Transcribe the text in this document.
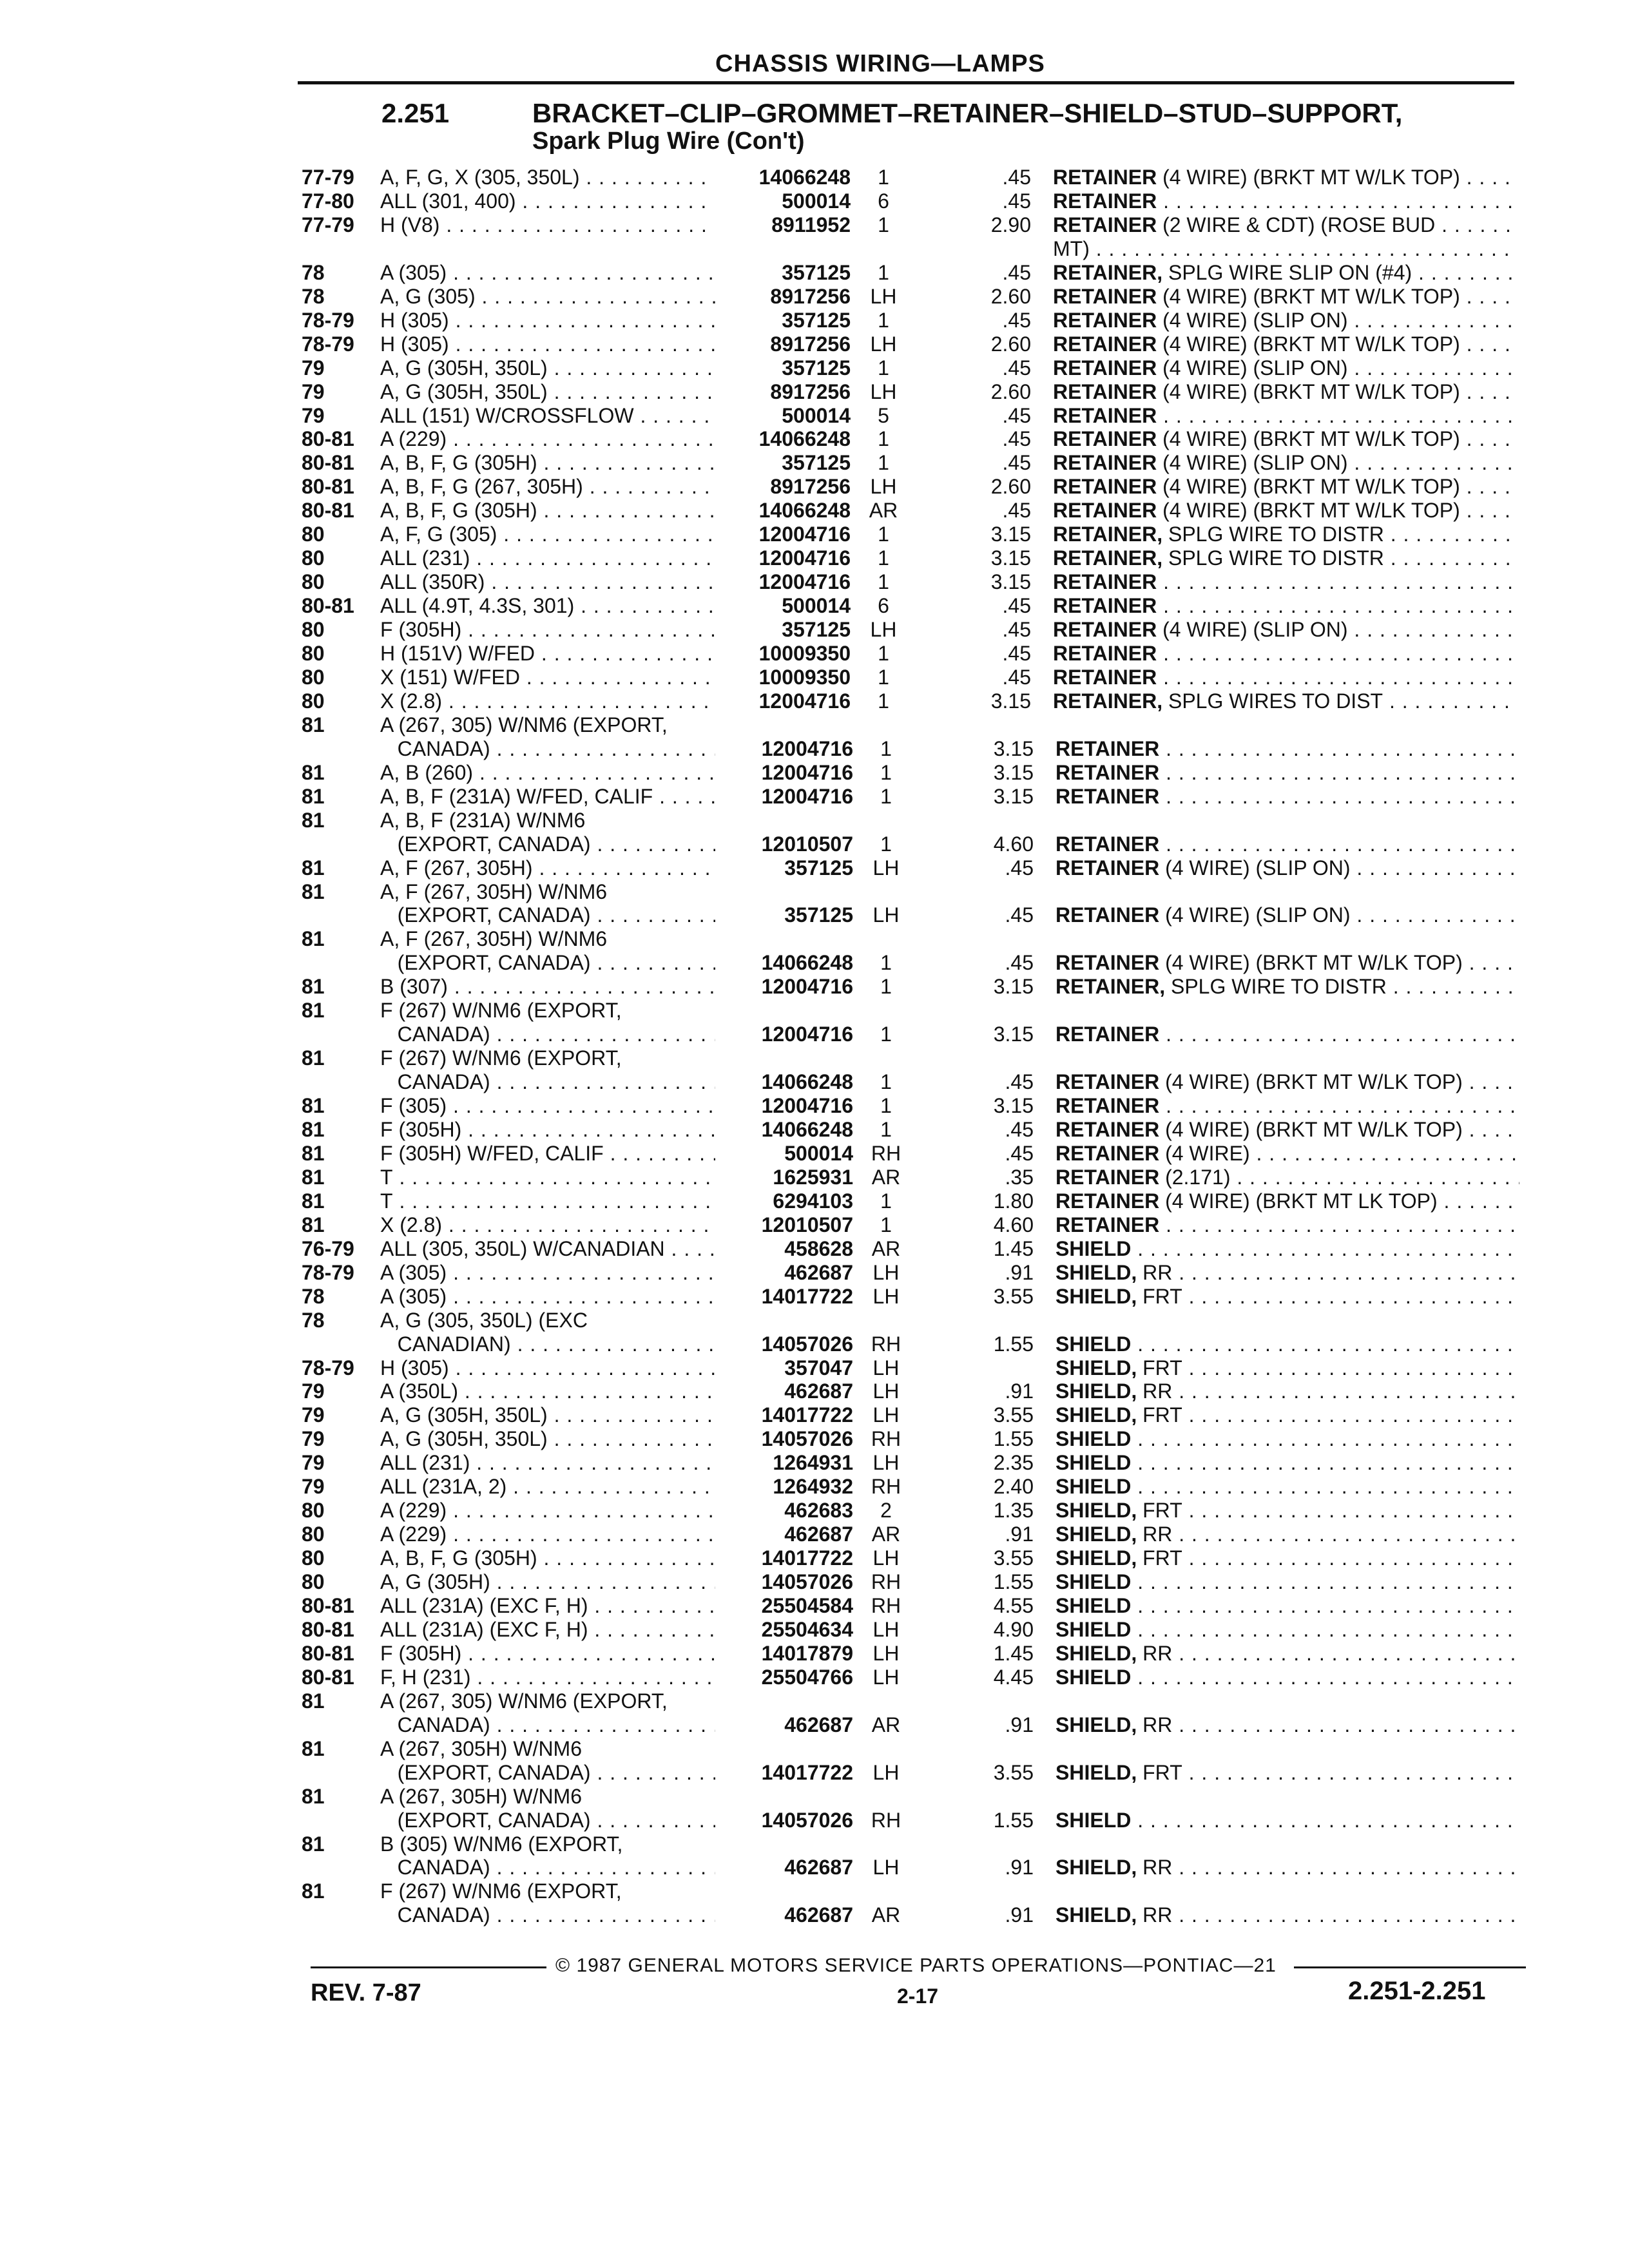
CHASSIS WIRING—LAMPS
2.251	BRACKET–CLIP–GROMMET–RETAINER–SHIELD–STUD–SUPPORT,
Spark Plug Wire (Con't)
77-79	A, F, G, X (305, 350L) . . .	14066248	1	.45 RETAINER (4 WIRE) (BRKT MT W/LK TOP) . . .
77-80	ALL (301, 400) . . .	500014	6	.45 RETAINER . . .
77-79	H (V8) . . .	8911952	1	2.90 RETAINER (2 WIRE & CDT) (ROSE BUD . . .
MT) . . .
78	A (305) . . .	357125	1	.45 RETAINER, SPLG WIRE SLIP ON (#4) . . .
78	A, G (305) . . .	8917256 LH	2.60 RETAINER (4 WIRE) (BRKT MT W/LK TOP) . . .
78-79	H (305) . . .	357125	1	.45 RETAINER (4 WIRE) (SLIP ON) . . .
78-79	H (305) . . .	8917256 LH	2.60 RETAINER (4 WIRE) (BRKT MT W/LK TOP) . . .
79	A, G (305H, 350L) . . .	357125	1	.45 RETAINER (4 WIRE) (SLIP ON) . . .
79	A, G (305H, 350L) . . .	8917256 LH	2.60 RETAINER (4 WIRE) (BRKT MT W/LK TOP) . . .
79	ALL (151) W/CROSSFLOW . . .	500014	5	.45 RETAINER . . .
80-81	A (229) . . .	14066248	1	.45 RETAINER (4 WIRE) (BRKT MT W/LK TOP) . . .
80-81	A, B, F, G (305H) . . .	357125	1	.45 RETAINER (4 WIRE) (SLIP ON) . . .
80-81	A, B, F, G (267, 305H) . . .	8917256 LH	2.60 RETAINER (4 WIRE) (BRKT MT W/LK TOP) . . .
80-81	A, B, F, G (305H) . . .	14066248 AR	.45 RETAINER (4 WIRE) (BRKT MT W/LK TOP) . . .
80	A, F, G (305) . . .	12004716	1	3.15 RETAINER, SPLG WIRE TO DISTR . . .
80	ALL (231) . . .	12004716	1	3.15 RETAINER, SPLG WIRE TO DISTR . . .
80	ALL (350R) . . .	12004716	1	3.15 RETAINER . . .
80-81	ALL (4.9T, 4.3S, 301) . . .	500014	6	.45 RETAINER . . .
80	F (305H) . . .	357125 LH	.45 RETAINER (4 WIRE) (SLIP ON) . . .
80	H (151V) W/FED . . .	10009350	1	.45 RETAINER . . .
80	X (151) W/FED . . .	10009350	1	.45 RETAINER . . .
80	X (2.8) . . .	12004716	1	3.15 RETAINER, SPLG WIRES TO DIST . . .
81	A (267, 305) W/NM6 (EXPORT,
CANADA) . . .	12004716	1	3.15 RETAINER . . .
81	A, B (260) . . .	12004716	1	3.15 RETAINER . . .
81	A, B, F (231A) W/FED, CALIF . . .	12004716	1	3.15 RETAINER . . .
81	A, B, F (231A) W/NM6
(EXPORT, CANADA) . . .	12010507	1	4.60 RETAINER . . .
81	A, F (267, 305H) . . .	357125 LH	.45 RETAINER (4 WIRE) (SLIP ON) . . .
81	A, F (267, 305H) W/NM6
(EXPORT, CANADA) . . .	357125 LH	.45 RETAINER (4 WIRE) (SLIP ON) . . .
81	A, F (267, 305H) W/NM6
(EXPORT, CANADA) . . .	14066248	1	.45 RETAINER (4 WIRE) (BRKT MT W/LK TOP) . . .
81	B (307) . . .	12004716	1	3.15 RETAINER, SPLG WIRE TO DISTR . . .
81	F (267) W/NM6 (EXPORT,
CANADA) . . .	12004716	1	3.15 RETAINER . . .
81	F (267) W/NM6 (EXPORT,
CANADA) . . .	14066248	1	.45 RETAINER (4 WIRE) (BRKT MT W/LK TOP) . . .
81	F (305) . . .	12004716	1	3.15 RETAINER . . .
81	F (305H) . . .	14066248	1	.45 RETAINER (4 WIRE) (BRKT MT W/LK TOP) . . .
81	F (305H) W/FED, CALIF . . .	500014 RH	.45 RETAINER (4 WIRE) . . .
81	T . . .	1625931 AR	.35 RETAINER (2.171) . . .
81	T . . .	6294103	1	1.80 RETAINER (4 WIRE) (BRKT MT LK TOP) . . .
81	X (2.8) . . .	12010507	1	4.60 RETAINER . . .
76-79	ALL (305, 350L) W/CANADIAN . . .	458628 AR	1.45 SHIELD . . .
78-79	A (305) . . .	462687 LH	.91 SHIELD, RR . . .
78	A (305) . . .	14017722 LH	3.55 SHIELD, FRT . . .
78	A, G (305, 350L) (EXC
CANADIAN) . . .	14057026 RH	1.55 SHIELD . . .
78-79	H (305) . . .	357047 LH	SHIELD, FRT . . .
79	A (350L) . . .	462687 LH	.91 SHIELD, RR . . .
79	A, G (305H, 350L) . . .	14017722 LH	3.55 SHIELD, FRT . . .
79	A, G (305H, 350L) . . .	14057026 RH	1.55 SHIELD . . .
79	ALL (231) . . .	1264931 LH	2.35 SHIELD . . .
79	ALL (231A, 2) . . .	1264932 RH	2.40 SHIELD . . .
80	A (229) . . .	462683	2	1.35 SHIELD, FRT . . .
80	A (229) . . .	462687 AR	.91 SHIELD, RR . . .
80	A, B, F, G (305H) . . .	14017722 LH	3.55 SHIELD, FRT . . .
80	A, G (305H) . . .	14057026 RH	1.55 SHIELD . . .
80-81	ALL (231A) (EXC F, H) . . .	25504584 RH	4.55 SHIELD . . .
80-81	ALL (231A) (EXC F, H) . . .	25504634 LH	4.90 SHIELD . . .
80-81	F (305H) . . .	14017879 LH	1.45 SHIELD, RR . . .
80-81	F, H (231) . . .	25504766 LH	4.45 SHIELD . . .
81	A (267, 305) W/NM6 (EXPORT,
CANADA) . . .	462687 AR	.91 SHIELD, RR . . .
81	A (267, 305H) W/NM6
(EXPORT, CANADA) . . .	14017722 LH	3.55 SHIELD, FRT . . .
81	A (267, 305H) W/NM6
(EXPORT, CANADA) . . .	14057026 RH	1.55 SHIELD . . .
81	B (305) W/NM6 (EXPORT,
CANADA) . . .	462687 LH	.91 SHIELD, RR . . .
81	F (267) W/NM6 (EXPORT,
CANADA) . . .	462687 AR	.91 SHIELD, RR . . .
© 1987 GENERAL MOTORS SERVICE PARTS OPERATIONS—PONTIAC—21
REV. 7-87	2-17	2.251-2.251
